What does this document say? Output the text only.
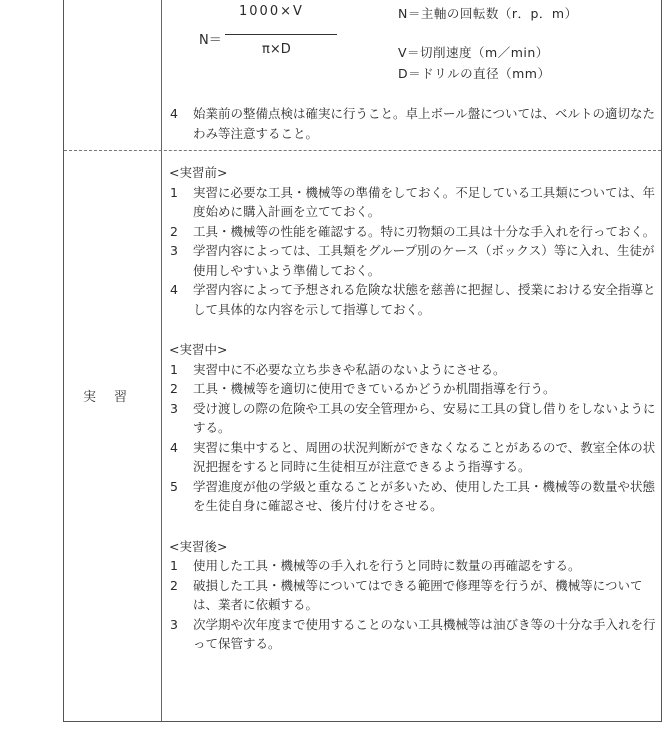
実習
1000×V
N＝
π×D
N＝主軸の回転数（r．p．m）
V＝切削速度（m／min）
D＝ドリルの直径（mm）

4 始業前の整備点検は確実に行うこと。卓上ボール盤については、ベルトの適切なたわみ等注意すること。

<実習前>

1 実習に必要な工具・機械等の準備をしておく。不足している工具類については、年度始めに購入計画を立てておく。

2 工具・機械等の性能を確認する。特に刃物類の工具は十分な手入れを行っておく。

3 学習内容によっては、工具類をグループ別のケース（ボックス）等に入れ、生徒が使用しやすいよう準備しておく。

4 学習内容によって予想される危険な状態を慈善に把握し、授業における安全指導として具体的な内容を示して指導しておく。

<実習中>

1 実習中に不必要な立ち歩きや私語のないようにさせる。

2 工具・機械等を適切に使用できているかどうか机間指導を行う。

3 受け渡しの際の危険や工具の安全管理から、安易に工具の貸し借りをしないようにする。

4 実習に集中すると、周囲の状況判断ができなくなることがあるので、教室全体の状況把握をすると同時に生徒相互が注意できるよう指導する。

5 学習進度が他の学級と重なることが多いため、使用した工具・機械等の数量や状態を生徒自身に確認させ、後片付けをさせる。

<実習後>

1 使用した工具・機械等の手入れを行うと同時に数量の再確認をする。

2 破損した工具・機械等についてはできる範囲で修理等を行うが、機械等については、業者に依頼する。

3 次学期や次年度まで使用することのない工具機械等は油びき等の十分な手入れを行って保管する。
